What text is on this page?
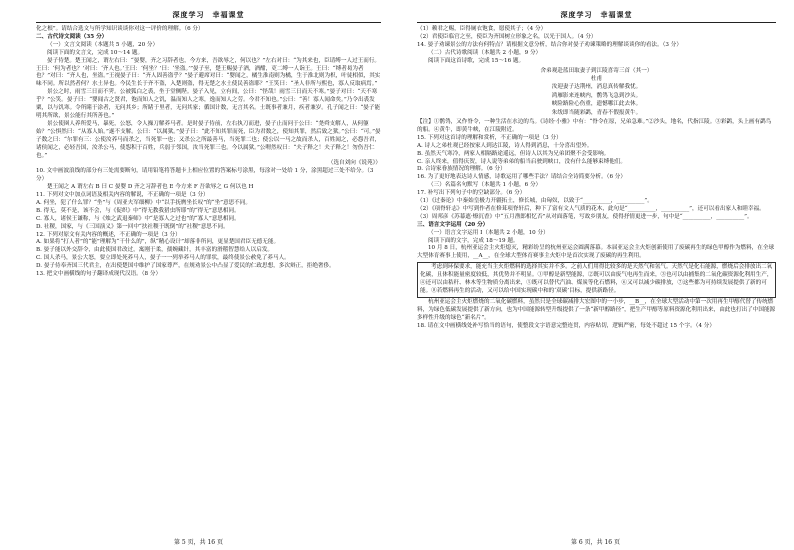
深度学习　幸福课堂

化之根”。请结合选文与所学知识谈谈你对这一评价的理解。（6 分）

二、古代诗文阅读（35 分）

（一）文言文阅读（本题共 5 小题，20 分）

阅读下面的文言文，完成 10～14 题。

晏子侍楚。楚王闻之，谓左右曰：“晏婴，齐之习辞者也，今方来，吾欲辱之，何以也？”左右对曰：“为其来也，臣请缚一人过王而行。王曰：‘何为者也？’对曰：‘齐人也。’王曰：‘何坐？’曰：‘坐盗。’”晏子至，楚王赐晏子酒，酒酣，吏二缚一人诣王。王曰：“缚者曷为者也？”对曰：“齐人也，坐盗。”王视晏子曰：“齐人固善盗乎？”晏子避席对曰：“婴闻之，橘生淮南则为橘，生于淮北则为枳，叶徒相似，其实味不同。所以然者何？水土异也。今民生长于齐不盗，入楚则盗，得无楚之水土使民善盗耶？”王笑曰：“圣人非所与熙也，寡人反取病焉。”

景公之时，雨雪三日而不霁。公被狐白之裘，坐于堂侧陛。晏子入见，立有间，公曰：“怪哉！雨雪三日而天不寒。”晏子对曰：“天不寒乎？”公笑。晏子曰：“婴闻古之贤君，饱而知人之饥，温而知人之寒，逸而知人之劳。今君不知也。”公曰：“善！寡人闻命矣。”乃令出裘发粟，以与饥寒。令所睹于涂者，无问其乡；所睹于里者，无问其家；循国计数，无言其名。士既事者兼月，疾者兼岁。孔子闻之曰：“晏子能明其所欲，景公能行其所善也。”

景公使圉人养所爱马，暴死，公怒，令人操刀解养马者。是时晏子侍前，左右执刀而进，晏子止而问于公曰：“尧舜支解人，从何躯始？”公惧然曰：“从寡人始。”遂不支解。公曰：“以属狱。”晏子曰：“此不知其罪而死，臣为君数之，使知其罪，然后致之狱。”公曰：“可。”晏子数之曰：“尔罪有三：公使汝养马而杀之，当死罪一也；又杀公之所最善马，当死罪二也；使公以一马之故而杀人，百姓闻之，必怨吾君，诸侯闻之，必轻吾国，汝杀公马，使怨积于百姓，兵弱于邻国，汝当死罪三也。今以属狱。”公喟然叹曰：“夫子释之！夫子释之！勿伤吾仁也。”

（选自刘向《说苑》）

10. 文中画波浪线的部分有三处需要断句，请用铅笔将答题卡上相应位置的答案标号涂黑，每涂对一处给 1 分，涂黑超过三处不给分。（3 分）

楚王闻之 A 谓左右 B 曰 C 晏婴 D 齐之习辞者也 E 今方来 F 吾欲辱之 G 何以也 H

11. 下列对文中加点词语及相关内容的解说，不正确的一项是（3 分）

A. 何坐，犯了什么罪？“坐”与《周亚夫军细柳》中“以手抚膺坐长叹”的“坐”意思不同。

B. 得无，莫不是，该不会，与《促织》中“得无教我猎虫所耶”的“得无”意思相同。

C. 寡人，诸侯王谦称，与《烛之武退秦师》中“是寡人之过也”的“寡人”意思相同。

D. 社稷，国家，与《三国演义》第一回中“扶社稷于既倒”的“社稷”意思不同。

12. 下列对原文有关内容的概述，不正确的一项是（3 分）

A. 如果将“打人者”的“能”理解为“干什么的”，纵“精心设计”却落非所问，更显楚国君臣无德无能。

B. 晏子能以外交辞令，由此使国君改过，寓刚于柔，孺婉藏针，其丰富的滑稽智慧给人以启发。

C. 国人杀马，景公大怒，要立即处死养马人，晏子一一列举养马人的罪状，最终使景公赦免了养马人。

D. 晏子侍奉齐国三代君主，在出使楚国中维护了国家尊严，在规劝景公中凸显了爱民的仁政思想，多次辩正，拒绝奢侈。

13. 把文中画横线的句子翻译成现代汉语。（8 分）

第 5 页，共 16 页
深度学习　幸福课堂

（1）赖君之赐，臣得厕衣饱食，愿使其子；（4 分）

（2）君使臣临官之至，使臣为齐国树立形象之名，以光于国人。（4 分）

14. 晏子劝谏景公的方法有何特点？请根据文意分析，结合你对晏子劝谏策略的理解谈谈你的看法。（3 分）

（二）古代诗歌阅读（本题共 2 小题，9 分）

阅读下面这首诗歌，完成 15～16 题。

舍弟观赴蓝田取妻子到江陵喜寄三首（其一）

杜甫

汝迎妻子达荆州，消息真传解我忧。

鸿雁影来连峡内，鹡鸰飞急到沙头。

峡险路险心伤重，遗憾哪江此去休。

朱绂即当随彩鹢，青春不假报黄牛。

【注】①鹡鸰，又作脊令，一种生活在水边的鸟。《诗经·小雅》中有：“脊令在原，兄弟急难。”②沙头，地名，代指江陵。③彩鹢，头上画有鹢鸟的船。④黄牛，即黄牛峡，在江陵附近。

15. 下列对这首诗的理解和赏析，不正确的一项是（3 分）

A. 诗人之弟杜观已经按家人到达江陵，诗人得到消息，十分喜出望外。

B. 虽然天气寒冷，两家人相隔路途遥远，但诗人以其为兄弟团聚不会受影响。

C. 亲人终来，值得庆贺，诗人说等弟弟的船当启驶到峡口，没有什么能够束缚他们。

D. 合诗家眷族情况的理解。（6 分）

16. 为了更好地表达诗人情感，诗歌运用了哪些手法？请结合全诗简要分析。（6 分）

（三）名篇名句默写（本题共 1 小题，6 分）

17. 补写出下列句子中的空缺部分。（6 分）

（1）《过秦论》中秦始皇极力开疆拓土，修长城，由匈奴，以致于“__________，__________”。

（2）《项脊轩志》中写到作者在修葺项脊轩后，种下了富有文人气质的花木，此句是“__________，__________”，还可以看出家人和睦幸福。

（3）周邦彦《苏幕遮·燎沉香》中“五月渔郎相忆否”从对面落笔，写故乡朋友，使得抒情更进一步，句中是“__________，__________”。

三、语言文字运用（20 分）

（一）语言文字运用 I（本题共 2 小题，10 分）

阅读下面的文字，完成 18～19 题。

10 月 8 日，杭州亚运会主火炬熄灭，精彩纷呈的杭州亚运会圆满落幕。本届亚运会主火炬创新使用了废碳再生的绿色甲醇作为燃料，在全球大型体育赛事上使用，__A__，在全球大型体育赛事主火炬中是首次实现了废碳的再生利用。

考虑到环保要求，能充当主火炬燃料的选择其实并不多。之前人们用得比较多的是天然气和氢气。天然气是化石能源，燃烧后会排放出二氧化碳，且体积能量密度较低，其优势并不明显。①甲醇是新型能源，②既可以由废气电再生而来，③也可以由捕集的二氧化碳资源化利用生产，④还可以由秸秆、林木等生物质分离出来，⑤既可以替代汽油、煤炭等化石燃料，⑥又可以减少碳排放，⑦这些都为可持续发展提供了新的可能。⑧若燃料再生的活动，又可以给中国实现碳中和的‘双碳’目标，提供新路径。

杭州亚运会主火炬燃烧的二氧化碳燃料，虽然只是全球碳减排大宏图中的一小步，__B__，在全球大型活动中第一次用再生甲醇代替了传统燃料，为绿色低碳发展提供了新方向，也为中国能源转型升级提供了一条“新甲醇路径”，把生产甲醇等原料资源化利用出来，由此也打出了中国能源多样性升级的绿色“新名片”。

18. 请在文中画横线处补写恰当的语句，使整段文字语意完整连贯，内容贴切，逻辑严密，每处不超过 15 个字。（4 分）

第 6 页，共 16 页
